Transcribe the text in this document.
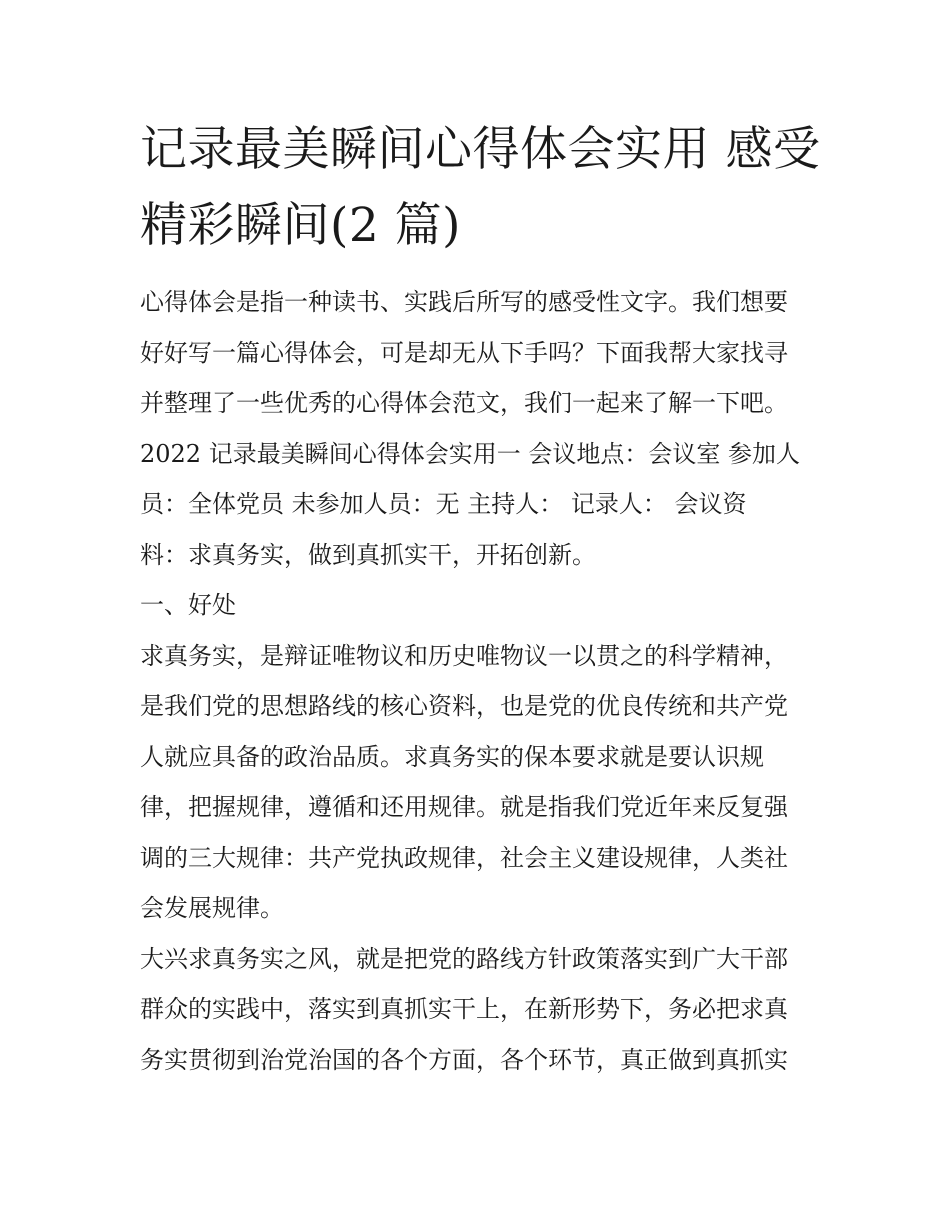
记录最美瞬间心得体会实用 感受精彩瞬间(2 篇)

心得体会是指一种读书、实践后所写的感受性文字。我们想要

好好写一篇心得体会，可是却无从下手吗？下面我帮大家找寻

并整理了一些优秀的心得体会范文，我们一起来了解一下吧。

2022 记录最美瞬间心得体会实用一 会议地点：会议室 参加人

员：全体党员 未参加人员：无 主持人： 记录人： 会议资

料：求真务实，做到真抓实干，开拓创新。

一、好处

求真务实，是辩证唯物议和历史唯物议一以贯之的科学精神，

是我们党的思想路线的核心资料，也是党的优良传统和共产党

人就应具备的政治品质。求真务实的保本要求就是要认识规

律，把握规律，遵循和还用规律。就是指我们党近年来反复强

调的三大规律：共产党执政规律，社会主义建设规律，人类社

会发展规律。

大兴求真务实之风，就是把党的路线方针政策落实到广大干部

群众的实践中，落实到真抓实干上，在新形势下，务必把求真

务实贯彻到治党治国的各个方面，各个环节，真正做到真抓实
